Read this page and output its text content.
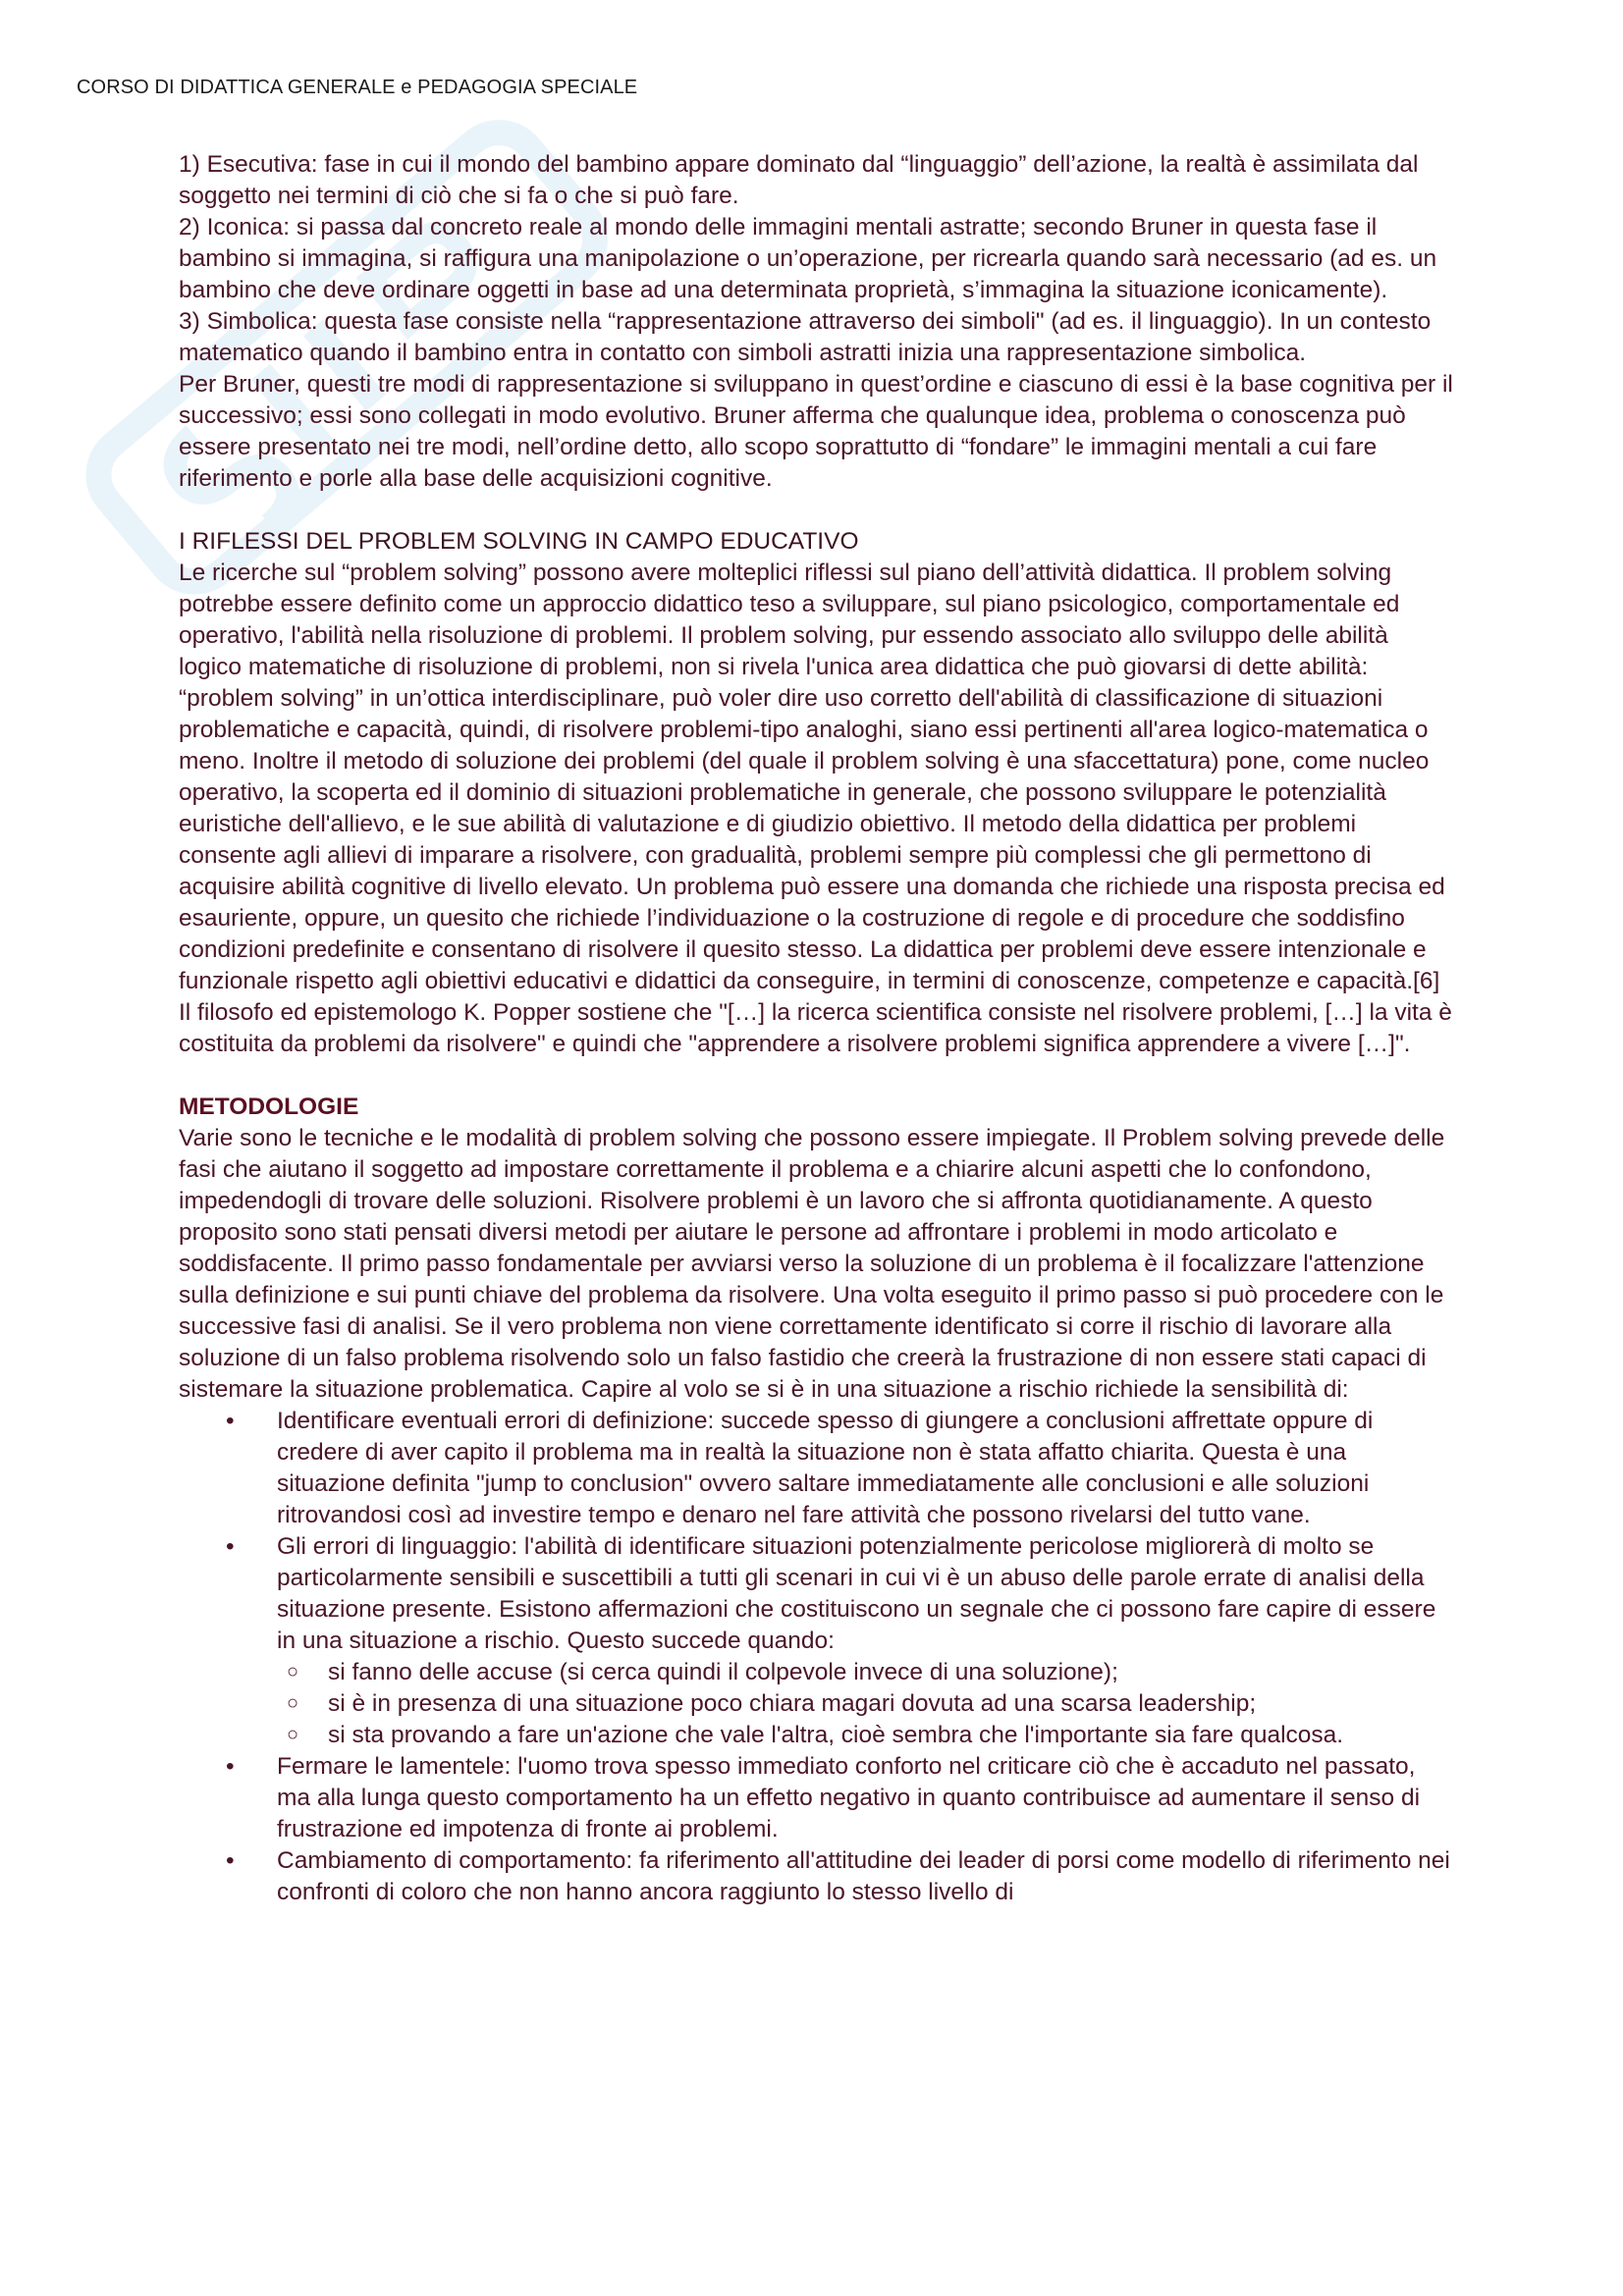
CORSO DI DIDATTICA GENERALE e PEDAGOGIA SPECIALE

1) Esecutiva: fase in cui il mondo del bambino appare dominato dal “linguaggio” dell’azione, la realtà è assimilata dal soggetto nei termini di ciò che si fa o che si può fare.

2) Iconica: si passa dal concreto reale al mondo delle immagini mentali astratte; secondo Bruner in questa fase il bambino si immagina, si raffigura una manipolazione o un’operazione, per ricrearla quando sarà necessario (ad es. un bambino che deve ordinare oggetti in base ad una determinata proprietà, s’immagina la situazione iconicamente).

3) Simbolica: questa fase consiste nella “rappresentazione attraverso dei simboli" (ad es. il linguaggio). In un contesto matematico quando il bambino entra in contatto con simboli astratti inizia una rappresentazione simbolica.

Per Bruner, questi tre modi di rappresentazione si sviluppano in quest’ordine e ciascuno di essi è la base cognitiva per il successivo; essi sono collegati in modo evolutivo. Bruner afferma che qualunque idea, problema o conoscenza può essere presentato nei tre modi, nell’ordine detto, allo scopo soprattutto di “fondare” le immagini mentali a cui fare riferimento e porle alla base delle acquisizioni cognitive.

I RIFLESSI DEL PROBLEM SOLVING IN CAMPO EDUCATIVO

Le ricerche sul “problem solving” possono avere molteplici riflessi sul piano dell’attività didattica. Il problem solving potrebbe essere definito come un approccio didattico teso a sviluppare, sul piano psicologico, comportamentale ed operativo, l'abilità nella risoluzione di problemi. Il problem solving, pur essendo associato allo sviluppo delle abilità logico matematiche di risoluzione di problemi, non si rivela l'unica area didattica che può giovarsi di dette abilità: “problem solving” in un’ottica interdisciplinare, può voler dire uso corretto dell'abilità di classificazione di situazioni problematiche e capacità, quindi, di risolvere problemi-tipo analoghi, siano essi pertinenti all'area logico-matematica o meno. Inoltre il metodo di soluzione dei problemi (del quale il problem solving è una sfaccettatura) pone, come nucleo operativo, la scoperta ed il dominio di situazioni problematiche in generale, che possono sviluppare le potenzialità euristiche dell'allievo, e le sue abilità di valutazione e di giudizio obiettivo. Il metodo della didattica per problemi consente agli allievi di imparare a risolvere, con gradualità, problemi sempre più complessi che gli permettono di acquisire abilità cognitive di livello elevato. Un problema può essere una domanda che richiede una risposta precisa ed esauriente, oppure, un quesito che richiede l’individuazione o la costruzione di regole e di procedure che soddisfino condizioni predefinite e consentano di risolvere il quesito stesso. La didattica per problemi deve essere intenzionale e funzionale rispetto agli obiettivi educativi e didattici da conseguire, in termini di conoscenze, competenze e capacità.[6] Il filosofo ed epistemologo K. Popper sostiene che "[…] la ricerca scientifica consiste nel risolvere problemi, […] la vita è costituita da problemi da risolvere" e quindi che "apprendere a risolvere problemi significa apprendere a vivere […]".

METODOLOGIE

Varie sono le tecniche e le modalità di problem solving che possono essere impiegate. Il Problem solving prevede delle fasi che aiutano il soggetto ad impostare correttamente il problema e a chiarire alcuni aspetti che lo confondono, impedendogli di trovare delle soluzioni. Risolvere problemi è un lavoro che si affronta quotidianamente. A questo proposito sono stati pensati diversi metodi per aiutare le persone ad affrontare i problemi in modo articolato e soddisfacente. Il primo passo fondamentale per avviarsi verso la soluzione di un problema è il focalizzare l'attenzione sulla definizione e sui punti chiave del problema da risolvere. Una volta eseguito il primo passo si può procedere con le successive fasi di analisi. Se il vero problema non viene correttamente identificato si corre il rischio di lavorare alla soluzione di un falso problema risolvendo solo un falso fastidio che creerà la frustrazione di non essere stati capaci di sistemare la situazione problematica. Capire al volo se si è in una situazione a rischio richiede la sensibilità di:

•	Identificare eventuali errori di definizione: succede spesso di giungere a conclusioni affrettate oppure di credere di aver capito il problema ma in realtà la situazione non è stata affatto chiarita. Questa è una situazione definita "jump to conclusion" ovvero saltare immediatamente alle conclusioni e alle soluzioni ritrovandosi così ad investire tempo e denaro nel fare attività che possono rivelarsi del tutto vane.
•	Gli errori di linguaggio: l'abilità di identificare situazioni potenzialmente pericolose migliorerà di molto se particolarmente sensibili e suscettibili a tutti gli scenari in cui vi è un abuso delle parole errate di analisi della situazione presente. Esistono affermazioni che costituiscono un segnale che ci possono fare capire di essere in una situazione a rischio. Questo succede quando:
○ si fanno delle accuse (si cerca quindi il colpevole invece di una soluzione);
○ si è in presenza di una situazione poco chiara magari dovuta ad una scarsa leadership;
○ si sta provando a fare un'azione che vale l'altra, cioè sembra che l'importante sia fare qualcosa.
•	Fermare le lamentele: l'uomo trova spesso immediato conforto nel criticare ciò che è accaduto nel passato, ma alla lunga questo comportamento ha un effetto negativo in quanto contribuisce ad aumentare il senso di frustrazione ed impotenza di fronte ai problemi.
•	Cambiamento di comportamento: fa riferimento all'attitudine dei leader di porsi come modello di riferimento nei confronti di coloro che non hanno ancora raggiunto lo stesso livello di
